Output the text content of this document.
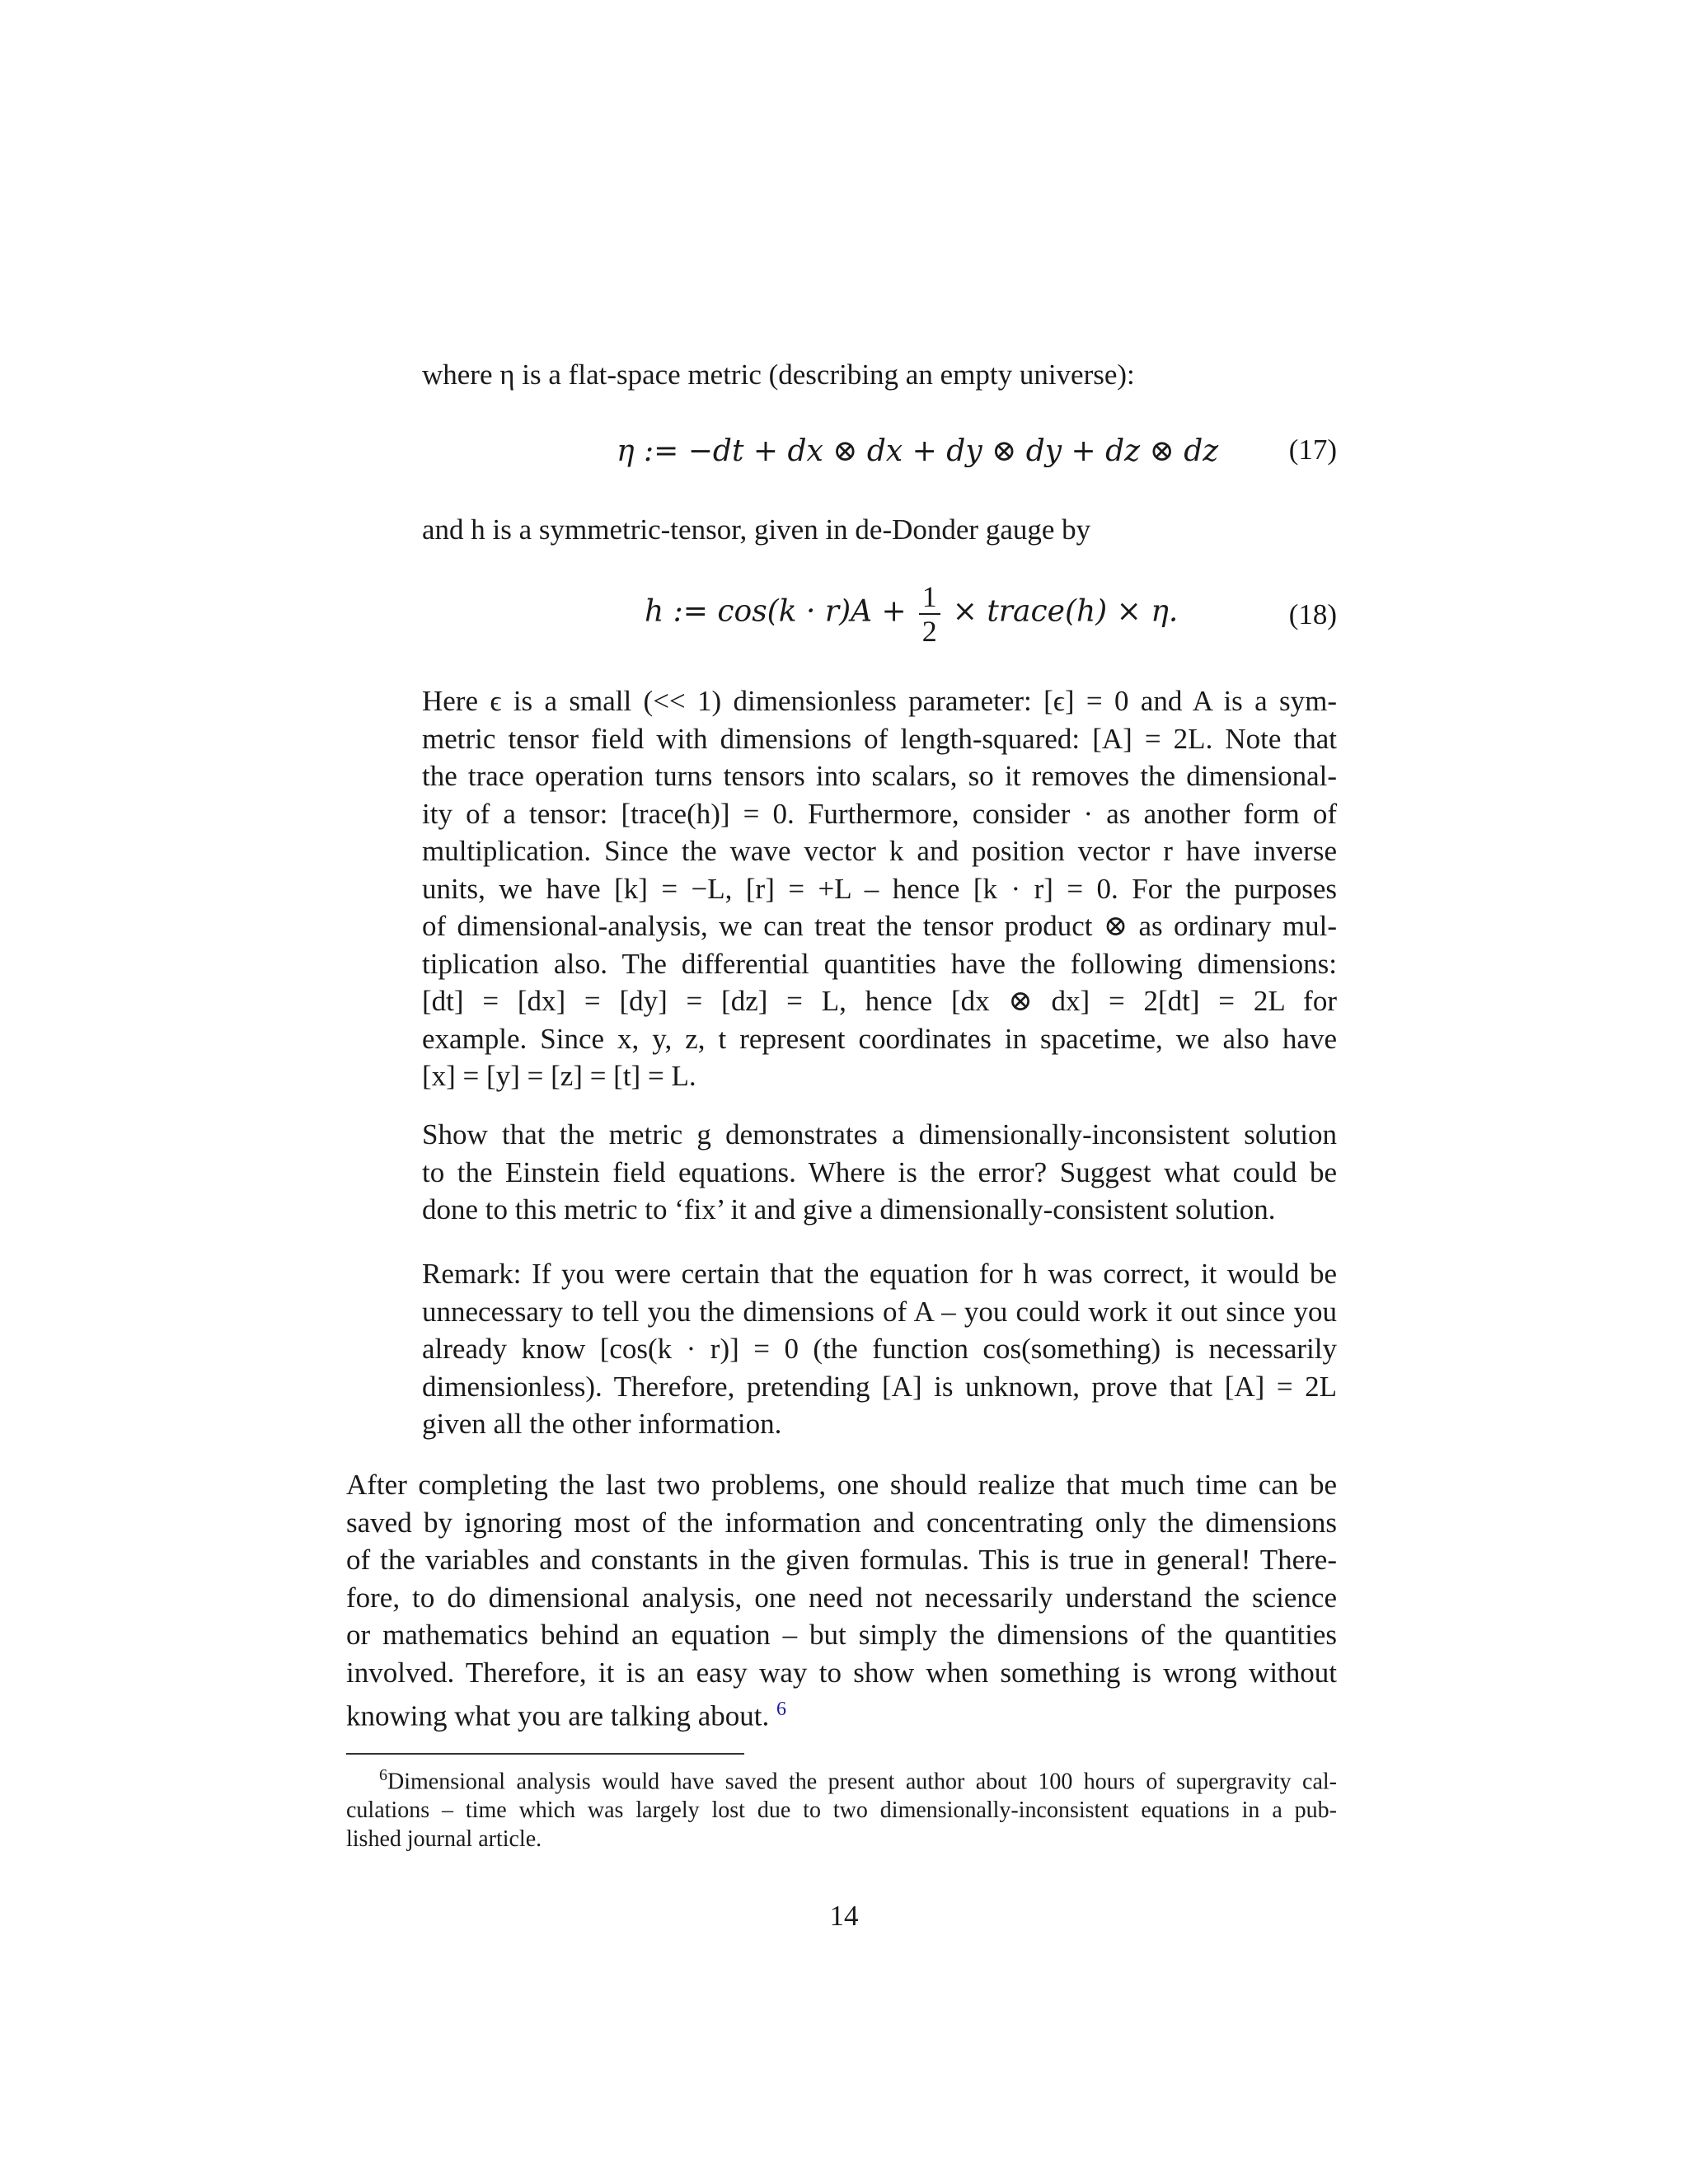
where η is a flat-space metric (describing an empty universe):
η := −dt + dx ⊗ dx + dy ⊗ dy + dz ⊗ dz (17)
and h is a symmetric-tensor, given in de-Donder gauge by
h := $\cos(k \cdot r)A + \frac{1}{2}$ × trace(h) × η.	(18)
Here ϵ is a small (<< 1) dimensionless parameter: [ϵ] = 0 and A is a sym-
metric tensor field with dimensions of length-squared: [A] = 2L. Note that
the trace operation turns tensors into scalars, so it removes the dimensional-
ity of a tensor: [trace(h)] = 0. Furthermore, consider · as another form of
multiplication. Since the wave vector k and position vector r have inverse
units, we have [k] = −L, [r] = +L – hence [k · r] = 0. For the purposes
of dimensional-analysis, we can treat the tensor product ⊗ as ordinary mul-
tiplication also. The differential quantities have the following dimensions:
[dt] = [dx] = [dy] = [dz] = L, hence [dx ⊗ dx] = 2[dt] = 2L for
example. Since x, y, z, t represent coordinates in spacetime, we also have
[x] = [y] = [z] = [t] = L.
Show that the metric g demonstrates a dimensionally-inconsistent solution
to the Einstein field equations. Where is the error? Suggest what could be
done to this metric to ‘fix’ it and give a dimensionally-consistent solution.
Remark: If you were certain that the equation for h was correct, it would be
unnecessary to tell you the dimensions of A – you could work it out since you
already know [cos(k · r)] = 0 (the function cos(something) is necessarily
dimensionless). Therefore, pretending [A] is unknown, prove that [A] = 2L
given all the other information.
After completing the last two problems, one should realize that much time can be
saved by ignoring most of the information and concentrating only the dimensions
of the variables and constants in the given formulas. This is true in general! There-
fore, to do dimensional analysis, one need not necessarily understand the science
or mathematics behind an equation – but simply the dimensions of the quantities
involved. Therefore, it is an easy way to show when something is wrong without
knowing what you are talking about. $^6$
$^6$Dimensional analysis would have saved the present author about 100 hours of supergravity cal-
culations – time which was largely lost due to two dimensionally-inconsistent equations in a pub-
lished journal article.
14
